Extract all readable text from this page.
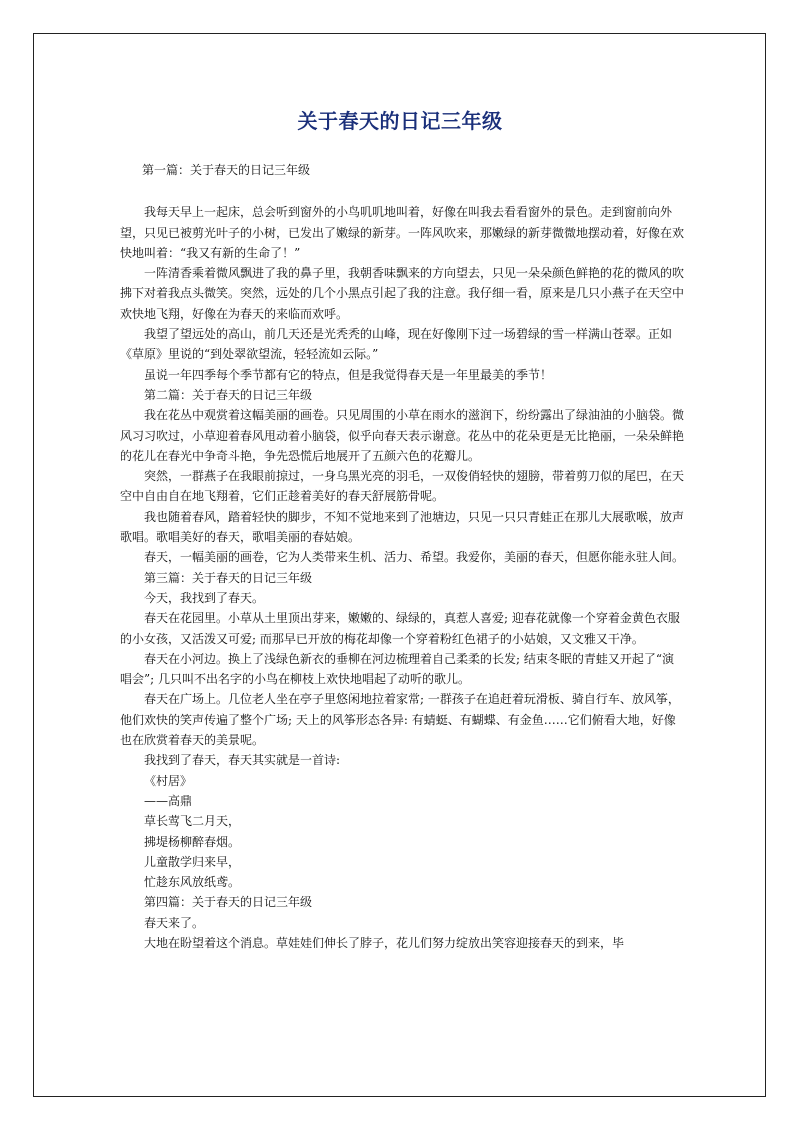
关于春天的日记三年级
第一篇：关于春天的日记三年级

我每天早上一起床，总会听到窗外的小鸟叽叽地叫着，好像在叫我去看看窗外的景色。走到窗前向外望，只见已被剪光叶子的小树，已发出了嫩绿的新芽。一阵风吹来，那嫩绿的新芽微微地摆动着，好像在欢快地叫着：“我又有新的生命了！”

一阵清香乘着微风飘进了我的鼻子里，我朝香味飘来的方向望去，只见一朵朵颜色鲜艳的花的微风的吹拂下对着我点头微笑。突然，远处的几个小黑点引起了我的注意。我仔细一看，原来是几只小燕子在天空中欢快地飞翔，好像在为春天的来临而欢呼。

我望了望远处的高山，前几天还是光秃秃的山峰，现在好像刚下过一场碧绿的雪一样满山苍翠。正如《草原》里说的“到处翠欲望流，轻轻流如云际。”

虽说一年四季每个季节都有它的特点，但是我觉得春天是一年里最美的季节！

第二篇：关于春天的日记三年级

我在花丛中观赏着这幅美丽的画卷。只见周围的小草在雨水的滋润下，纷纷露出了绿油油的小脑袋。微风习习吹过，小草迎着春风甩动着小脑袋，似乎向春天表示谢意。花丛中的花朵更是无比艳丽，一朵朵鲜艳的花儿在春光中争奇斗艳，争先恐慌后地展开了五颜六色的花瓣儿。

突然，一群燕子在我眼前掠过，一身乌黑光亮的羽毛，一双俊俏轻快的翅膀，带着剪刀似的尾巴，在天空中自由自在地飞翔着，它们正趁着美好的春天舒展筋骨呢。

我也随着春风，踏着轻快的脚步，不知不觉地来到了池塘边，只见一只只青蛙正在那儿大展歌喉，放声歌唱。歌唱美好的春天，歌唱美丽的春姑娘。

春天，一幅美丽的画卷，它为人类带来生机、活力、希望。我爱你，美丽的春天，但愿你能永驻人间。

第三篇：关于春天的日记三年级

今天，我找到了春天。

春天在花园里。小草从土里顶出芽来，嫩嫩的、绿绿的，真惹人喜爱; 迎春花就像一个穿着金黄色衣服的小女孩，又活泼又可爱; 而那早已开放的梅花却像一个穿着粉红色裙子的小姑娘，又文雅又干净。

春天在小河边。换上了浅绿色新衣的垂柳在河边梳理着自己柔柔的长发; 结束冬眠的青蛙又开起了“演唱会”; 几只叫不出名字的小鸟在柳枝上欢快地唱起了动听的歌儿。

春天在广场上。几位老人坐在亭子里悠闲地拉着家常; 一群孩子在追赶着玩滑板、骑自行车、放风筝，他们欢快的笑声传遍了整个广场; 天上的风筝形态各异: 有蜻蜓、有蝴蝶、有金鱼……它们俯看大地，好像也在欣赏着春天的美景呢。

我找到了春天，春天其实就是一首诗:

《村居》

——高鼎

草长莺飞二月天，

拂堤杨柳醉春烟。

儿童散学归来早，

忙趁东风放纸鸢。

第四篇：关于春天的日记三年级

春天来了。

大地在盼望着这个消息。草娃娃们伸长了脖子，花儿们努力绽放出笑容迎接春天的到来，毕
